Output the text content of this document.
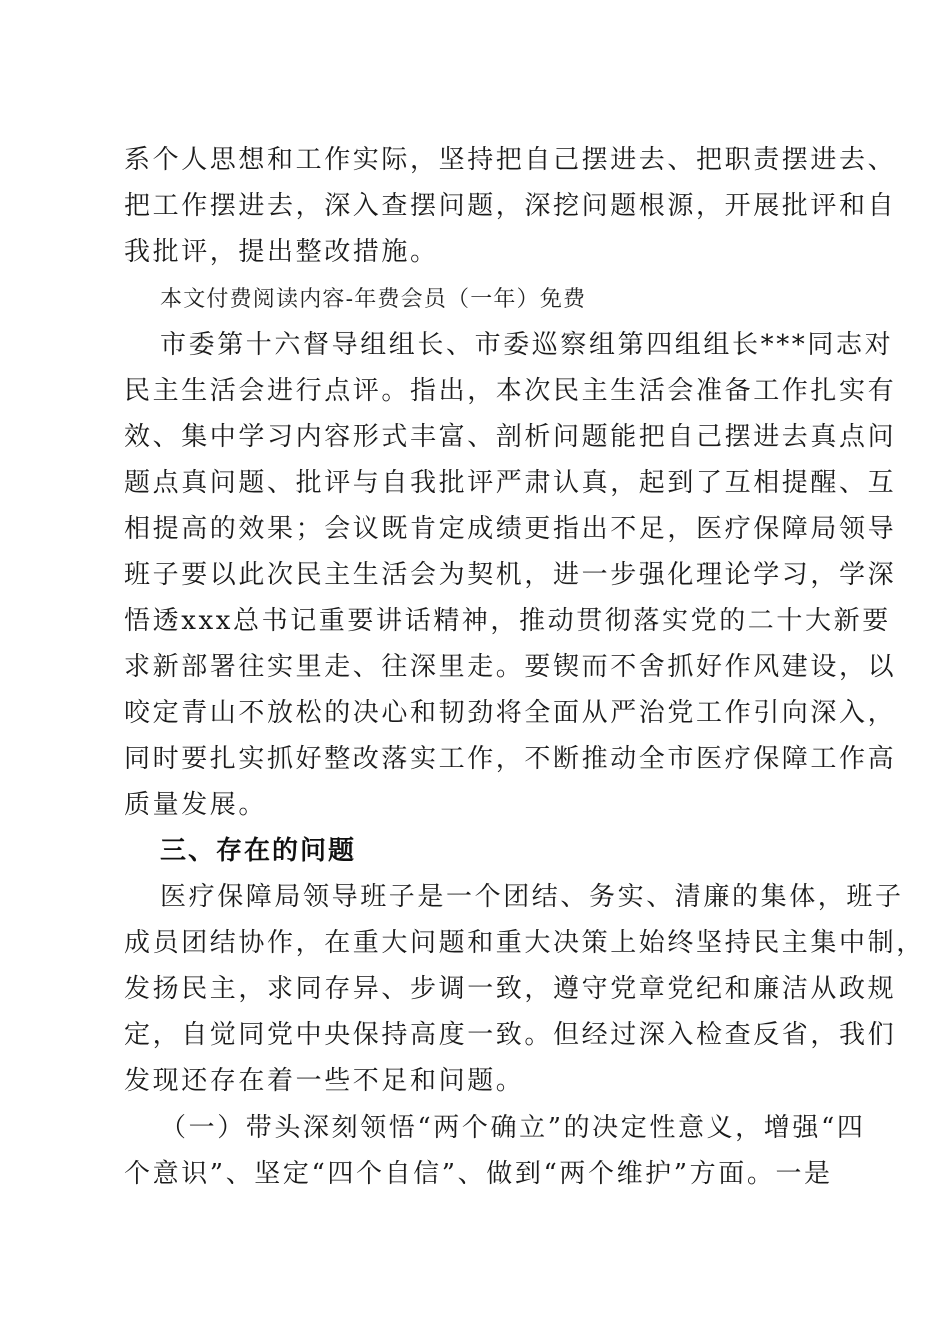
系个人思想和工作实际，坚持把自己摆进去、把职责摆进去、
把工作摆进去，深入查摆问题，深挖问题根源，开展批评和自
我批评，提出整改措施。
本文付费阅读内容-年费会员（一年）免费
市委第十六督导组组长、市委巡察组第四组组长***同志对
民主生活会进行点评。指出，本次民主生活会准备工作扎实有
效、集中学习内容形式丰富、剖析问题能把自己摆进去真点问
题点真问题、批评与自我批评严肃认真，起到了互相提醒、互
相提高的效果；会议既肯定成绩更指出不足，医疗保障局领导
班子要以此次民主生活会为契机，进一步强化理论学习，学深
悟透xxx总书记重要讲话精神，推动贯彻落实党的二十大新要
求新部署往实里走、往深里走。要锲而不舍抓好作风建设，以
咬定青山不放松的决心和韧劲将全面从严治党工作引向深入，
同时要扎实抓好整改落实工作，不断推动全市医疗保障工作高
质量发展。
三、存在的问题
医疗保障局领导班子是一个团结、务实、清廉的集体，班子
成员团结协作，在重大问题和重大决策上始终坚持民主集中制，
发扬民主，求同存异、步调一致，遵守党章党纪和廉洁从政规
定，自觉同党中央保持高度一致。但经过深入检查反省，我们
发现还存在着一些不足和问题。
（一）带头深刻领悟“两个确立”的决定性意义，增强“四
个意识”、坚定“四个自信”、做到“两个维护”方面。一是
